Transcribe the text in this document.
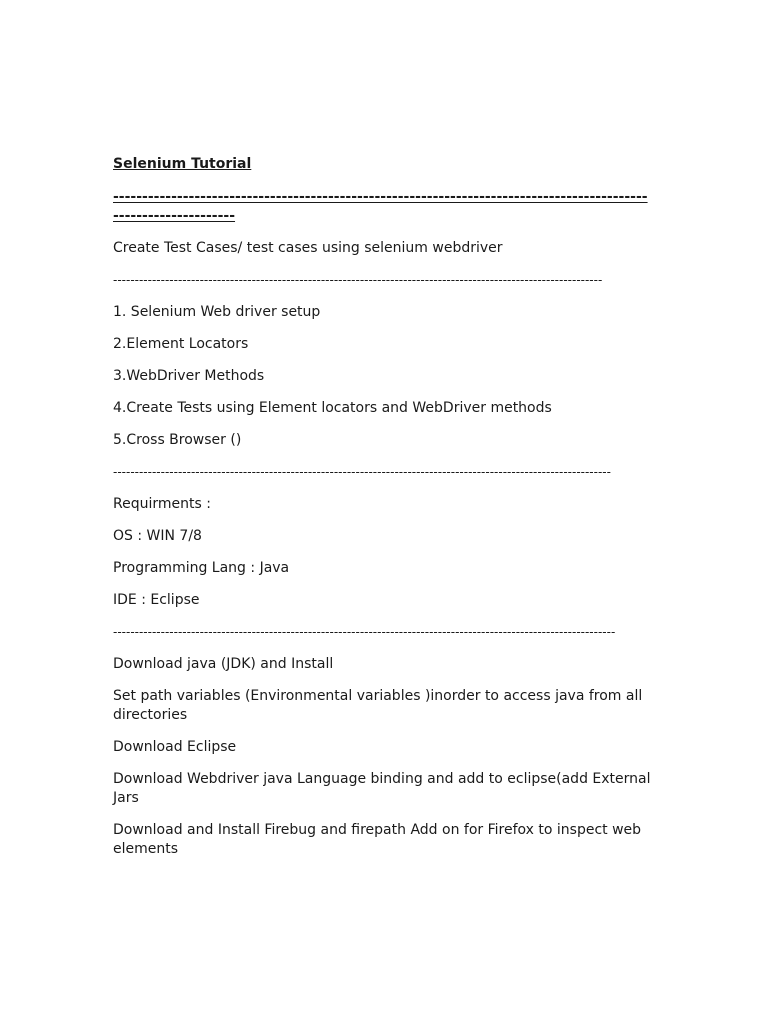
Selenium Tutorial

-----------------------------------------------------------------------------------------------------------------

Create Test Cases/ test cases using selenium webdriver

-----------------------------------------------------------------------------------------------------------------

1. Selenium Web driver setup

2.Element Locators

3.WebDriver Methods

4.Create Tests using Element locators and WebDriver methods

5.Cross Browser ()

-------------------------------------------------------------------------------------------------------------------

Requirments :

OS : WIN 7/8

Programming Lang : Java

IDE : Eclipse

--------------------------------------------------------------------------------------------------------------------

Download java (JDK) and Install

Set path variables (Environmental variables )inorder to access java from all directories

Download Eclipse

Download Webdriver java Language binding and add to eclipse(add External Jars

Download and Install Firebug and firepath Add on for Firefox to inspect web elements
